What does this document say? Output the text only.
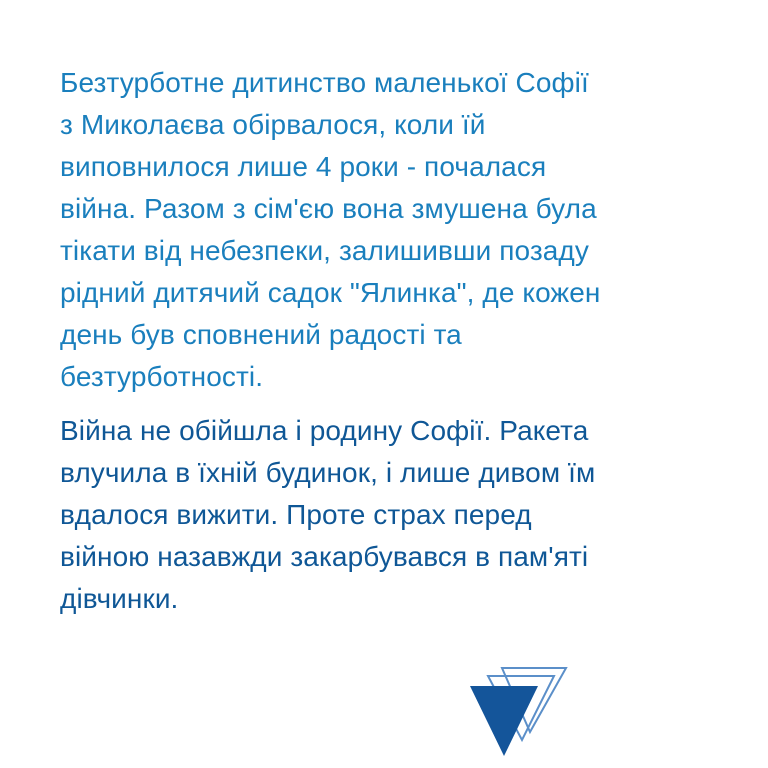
Безтурботне дитинство маленької Софії
з Миколаєва обірвалося, коли їй
виповнилося лише 4 роки - почалася
війна. Разом з сім'єю вона змушена була
тікати від небезпеки, залишивши позаду
рідний дитячий садок "Ялинка", де кожен
день був сповнений радості та
безтурботності.

Війна не обійшла і родину Софії. Ракета
влучила в їхній будинок, і лише дивом їм
вдалося вижити. Проте страх перед
війною назавжди закарбувався в пам'яті
дівчинки.
